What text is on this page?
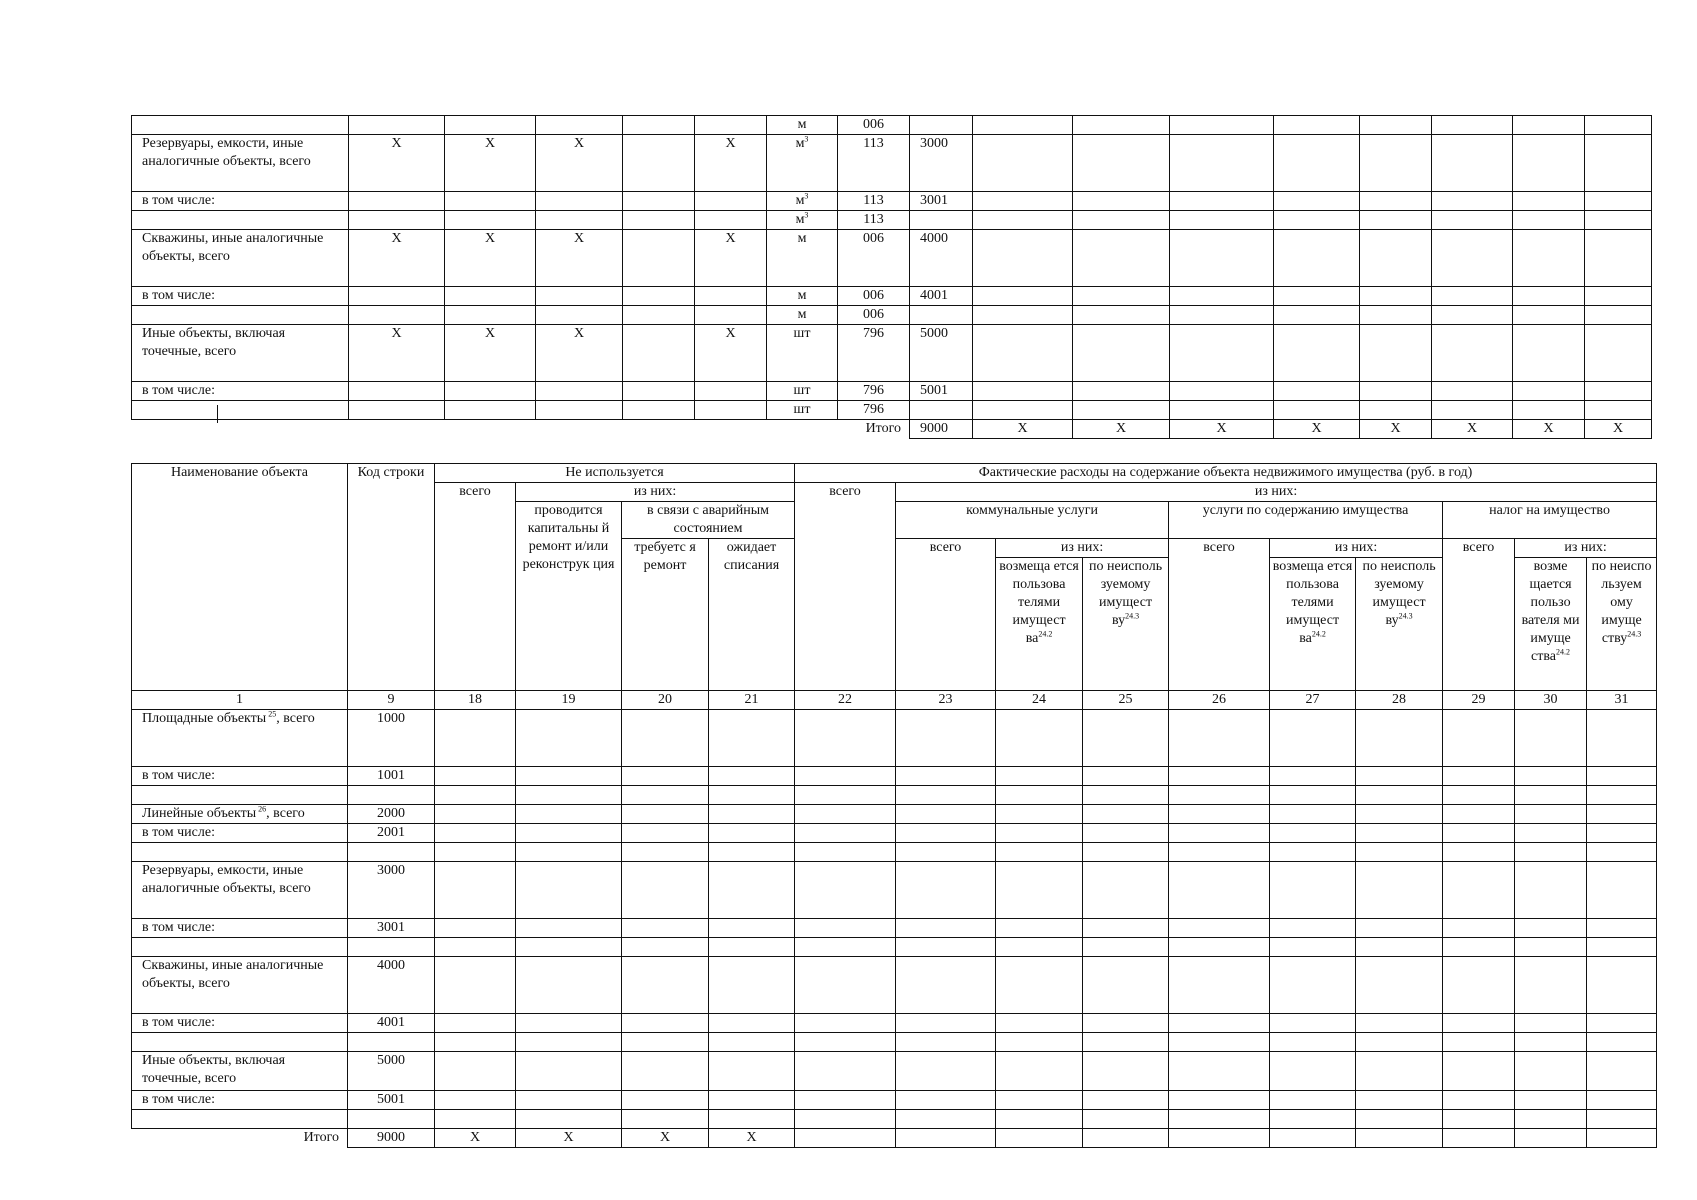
						м	006										
Резервуары, емкости, иные аналогичные объекты, всего	X	X	X		X	$м^3$	113	3000									
в том числе:						$м^3$	113	3001									
						$м^3$	113										
Скважины, иные аналогичные объекты, всего	X	X	X		X	м	006	4000									
в том числе:						м	006	4001									
						м	006										
Иные объекты, включая точечные, всего	X	X	X		X	шт	796	5000									
в том числе:						шт	796	5001									
						шт	796										
Итого								9000	X	X	X	X	X	X	X	X	
Наименование объекта	Код строки	Не используется				Фактические расходы на содержание объекта недвижимого имущества (руб. в год)									
		всего	из них:			всего	из них:								
			проводится капитальны й ремонт и/или реконструк ция	в связи с аварийным состоянием			коммунальные услуги			услуги по содержанию имущества			налог на имущество		
				требуетс я ремонт	ожидает списания		всего	из них:		всего	из них:		всего	из них:	
								возмеща ется пользова телями имущест $ва^{24.2}$	по неисполь зуемому имущест $ву^{24.3}$		возмеща ется пользова телями имущест $ва^{24.2}$	по неисполь зуемому имущест $ву^{24.3}$		возме щается пользо вателя ми имуще ства$^{24.2}$	по неиспо льзуем ому имуще ству$^{24.3}$
1	9	18	19	20	21	22	23	24	25	26	27	28	29	30	31
Площадные объекты $^{25}$, всего	1000														
в том числе:	1001														

Линейные объекты $^{26}$, всего	2000														
в том числе:	2001														

Резервуары, емкости, иные аналогичные объекты, всего	3000														
в том числе:	3001														

Скважины, иные аналогичные объекты, всего	4000														
в том числе:	4001														

Иные объекты, включая точечные, всего	5000														
в том числе:	5001														

Итого	9000	X	X	X	X										
